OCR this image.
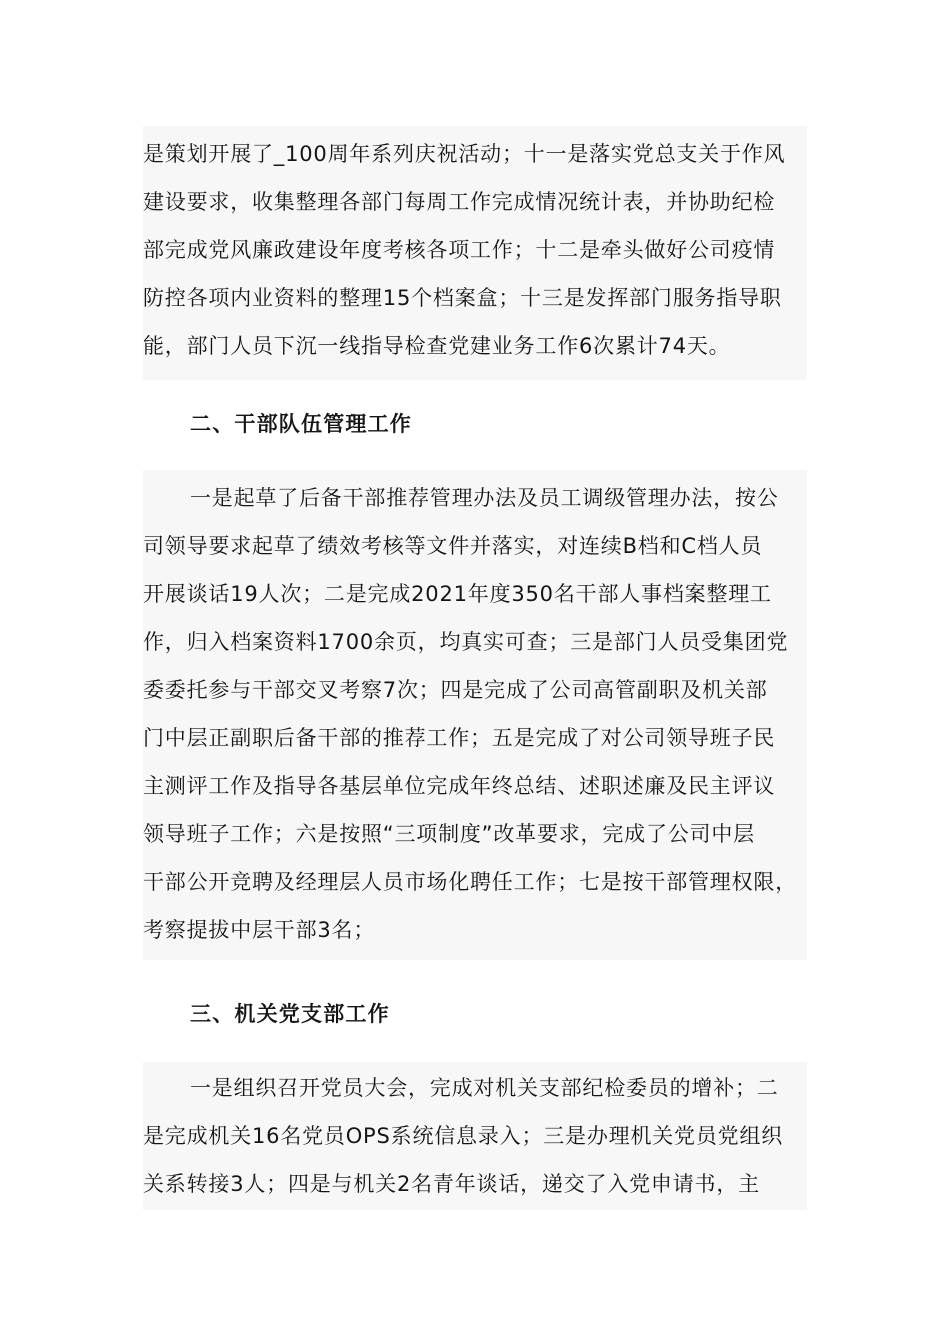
是策划开展了_100周年系列庆祝活动；十一是落实党总支关于作风
建设要求，收集整理各部门每周工作完成情况统计表，并协助纪检
部完成党风廉政建设年度考核各项工作；十二是牵头做好公司疫情
防控各项内业资料的整理15个档案盒；十三是发挥部门服务指导职
能，部门人员下沉一线指导检查党建业务工作6次累计74天。
二、干部队伍管理工作
一是起草了后备干部推荐管理办法及员工调级管理办法，按公
司领导要求起草了绩效考核等文件并落实，对连续B档和C档人员
开展谈话19人次；二是完成2021年度350名干部人事档案整理工
作，归入档案资料1700余页，均真实可查；三是部门人员受集团党
委委托参与干部交叉考察7次；四是完成了公司高管副职及机关部
门中层正副职后备干部的推荐工作；五是完成了对公司领导班子民
主测评工作及指导各基层单位完成年终总结、述职述廉及民主评议
领导班子工作；六是按照“三项制度”改革要求，完成了公司中层
干部公开竞聘及经理层人员市场化聘任工作；七是按干部管理权限，
考察提拔中层干部3名；
三、机关党支部工作
一是组织召开党员大会，完成对机关支部纪检委员的增补；二
是完成机关16名党员OPS系统信息录入；三是办理机关党员党组织
关系转接3人；四是与机关2名青年谈话，递交了入党申请书，主
